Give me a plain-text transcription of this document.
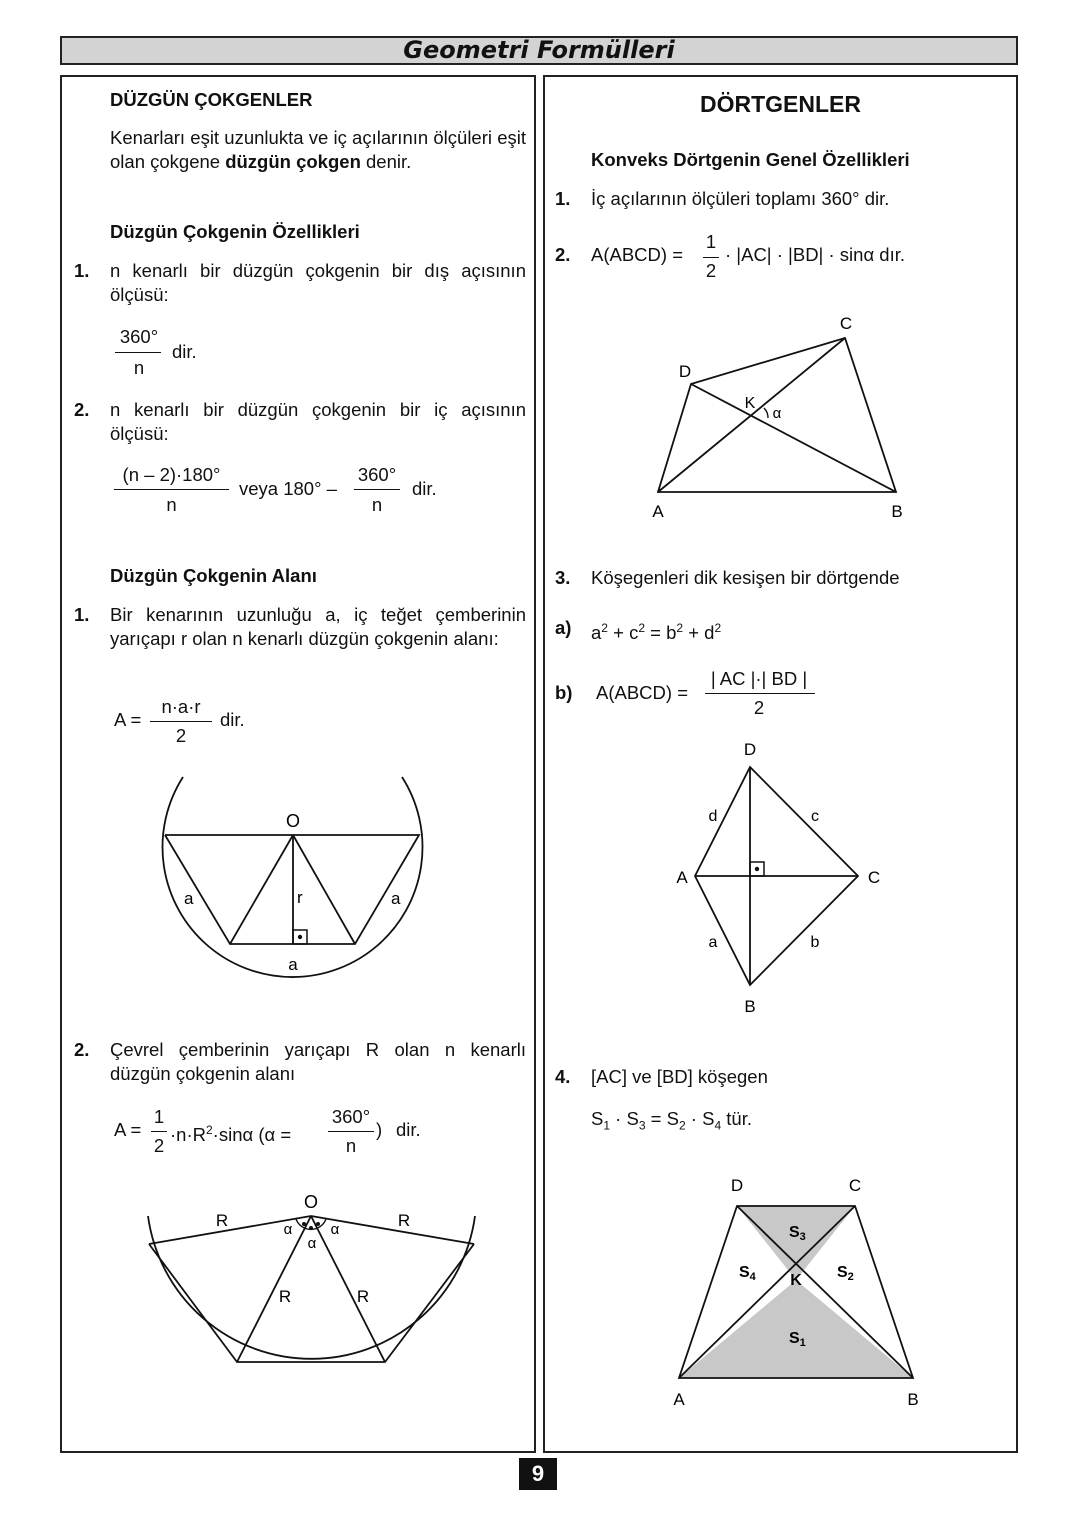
Geometri Formülleri
DÜZGÜN ÇOKGENLER
Kenarları eşit uzunlukta ve iç açılarının ölçüleri eşit olan çokgene düzgün çokgen denir.
Düzgün Çokgenin Özellikleri
1. n kenarlı bir düzgün çokgenin bir dış açısının ölçüsü:
360°
n
dir.
2. n kenarlı bir düzgün çokgenin bir iç açısının ölçüsü:
(n – 2)·180°
n
veya 180° –
360°
n
dir.
Düzgün Çokgenin Alanı
1. Bir kenarının uzunluğu a, iç teğet çemberinin yarıçapı r olan n kenarlı düzgün çokgenin alanı:
A =
n·a·r
2
dir.
O
r
a	a
a
2. Çevrel çemberinin yarıçapı R olan n kenarlı düzgün çokgenin alanı
A =
1
2
$\cdot n\cdot R^2\cdot\sin\alpha$ (α =
360°
n
) dir.
O
R	R
R	R
α	α
α
DÖRTGENLER
Konveks Dörtgenin Genel Özellikleri
1. İç açılarının ölçüleri toplamı 360° dir.
2. A(ABCD) =
1
2
· |AC| · |BD| · sinα dır.
A	B
C
D
K
α
3. Köşegenleri dik kesişen bir dörtgende
a) $a^2 + c^2 = b^2 + d^2$
b) A(ABCD) =
| AC |·| BD |
2
D
B
A	C
d	c
a	b
4. [AC] ve [BD] köşegen
$S_1 \cdot S_3 = S_2 \cdot S_4$ tür.
D	C
A	B
K
S3
S4	S2
S1
9
